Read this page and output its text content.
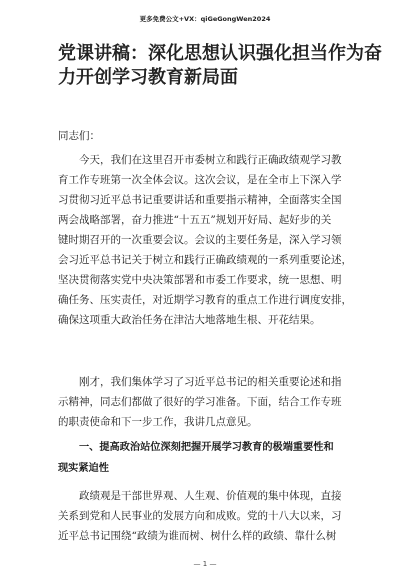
更多免费公文+VX：qiGeGongWen2024
党课讲稿：深化思想认识强化担当作为奋
力开创学习教育新局面
同志们：
今天，我们在这里召开市委树立和践行正确政绩观学习教
育工作专班第一次全体会议。这次会议，是在全市上下深入学
习贯彻习近平总书记重要讲话和重要指示精神，全面落实全国
两会战略部署，奋力推进“十五五”规划开好局、起好步的关
键时期召开的一次重要会议。会议的主要任务是，深入学习领
会习近平总书记关于树立和践行正确政绩观的一系列重要论述，
坚决贯彻落实党中央决策部署和市委工作要求，统一思想、明
确任务、压实责任，对近期学习教育的重点工作进行调度安排，
确保这项重大政治任务在津沽大地落地生根、开花结果。
刚才，我们集体学习了习近平总书记的相关重要论述和指
示精神，同志们都做了很好的学习准备。下面，结合工作专班
的职责使命和下一步工作，我讲几点意见。
一、提高政治站位深刻把握开展学习教育的极端重要性和
现实紧迫性
政绩观是干部世界观、人生观、价值观的集中体现，直接
关系到党和人民事业的发展方向和成败。党的十八大以来，习
近平总书记围绕“政绩为谁而树、树什么样的政绩、靠什么树
— 1 —
